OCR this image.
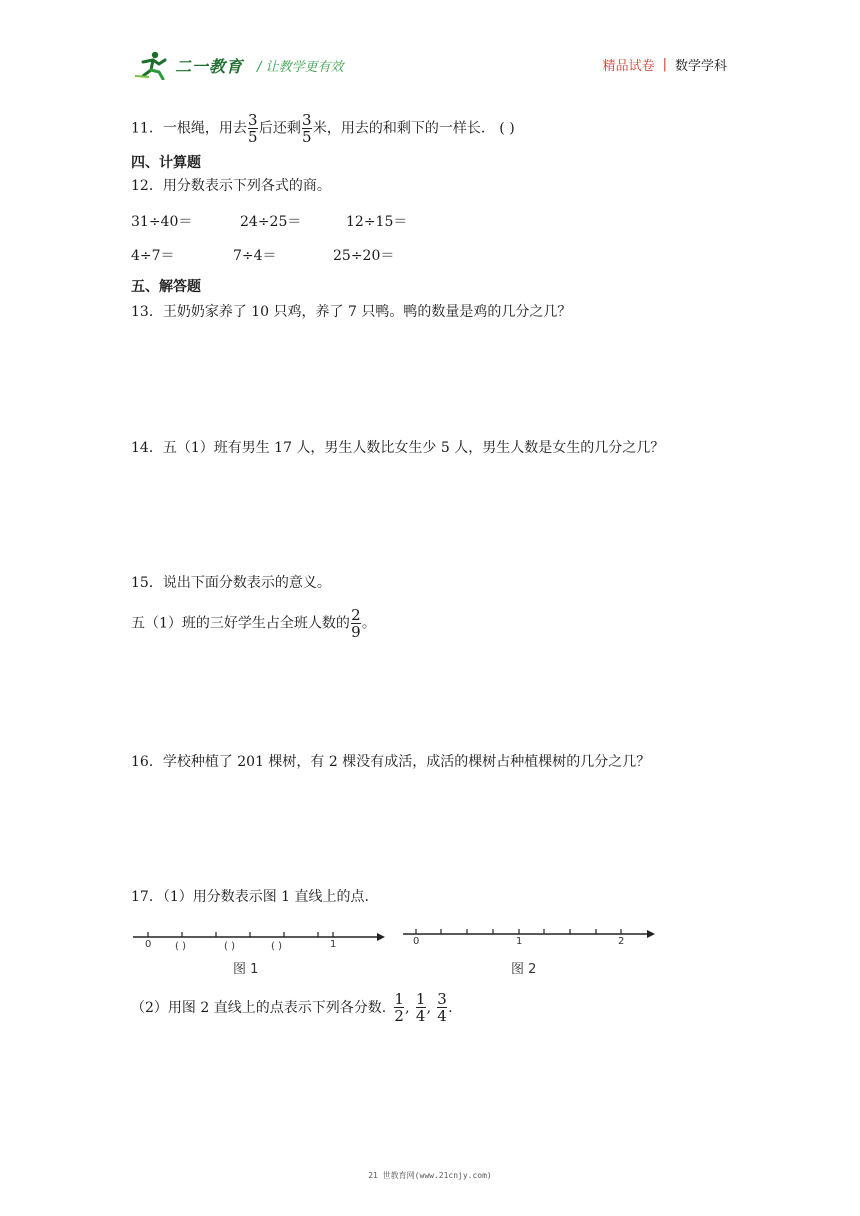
二一教育 / 让教学更有效	精品试卷 | 数学学科
11．一根绳，用去 $\frac{3}{5}$ 后还剩 $\frac{3}{5}$ 米，用去的和剩下的一样长． ( )
四、计算题
12．用分数表示下列各式的商。
31÷40＝	24÷25＝	12÷15＝
4÷7＝	7÷4＝	25÷20＝
五、解答题
13．王奶奶家养了 10 只鸡，养了 7 只鸭。鸭的数量是鸡的几分之几？
14．五（1）班有男生 17 人，男生人数比女生少 5 人，男生人数是女生的几分之几？
15．说出下面分数表示的意义。
五（1）班的三好学生占全班人数的 $\frac{2}{9}$ 。
16．学校种植了 201 棵树，有 2 棵没有成活，成活的棵树占种植棵树的几分之几？
17．（1）用分数表示图 1 直线上的点.
0 ( )	( )	( )	1
图 1
0	1	2
图 2
（2）用图 2 直线上的点表示下列各分数. $\frac{1}{2}$ , $\frac{1}{4}$ , $\frac{3}{4}$ .
21 世教育网(www.21cnjy.com)
